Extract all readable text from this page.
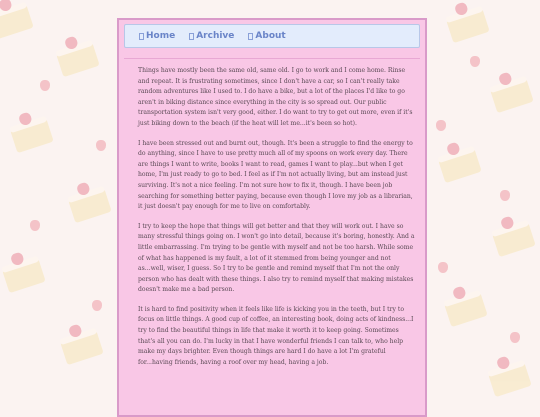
Home Archive About

Things have mostly been the same old, same old. I go to work and I come home. Rinse and repeat. It is frustrating sometimes, since I don't have a car, so I can't really take random adventures like I used to. I do have a bike, but a lot of the places I'd like to go aren't in biking distance since everything in the city is so spread out. Our public transportation system isn't very good, either. I do want to try to get out more, even if it's just biking down to the beach (if the heat will let me...it's been so hot).

I have been stressed out and burnt out, though. It's been a struggle to find the energy to do anything, since I have to use pretty much all of my spoons on work every day. There are things I want to write, books I want to read, games I want to play...but when I get home, I'm just ready to go to bed. I feel as if I'm not actually living, but am instead just surviving. It's not a nice feeling. I'm not sure how to fix it, though. I have been job searching for something better paying, because even though I love my job as a librarian, it just doesn't pay enough for me to live on comfortably.

I try to keep the hope that things will get better and that they will work out. I have so many stressful things going on. I won't go into detail, because it's boring, honestly. And a little embarrassing. I'm trying to be gentle with myself and not be too harsh. While some of what has happened is my fault, a lot of it stemmed from being younger and not as...well, wiser, I guess. So I try to be gentle and remind myself that I'm not the only person who has dealt with these things. I also try to remind myself that making mistakes doesn't make me a bad person.

It is hard to find positivity when it feels like life is kicking you in the teeth, but I try to focus on little things. A good cup of coffee, an interesting book, doing acts of kindness...I try to find the beautiful things in life that make it worth it to keep going. Sometimes that's all you can do. I'm lucky in that I have wonderful friends I can talk to, who help make my days brighter. Even though things are hard I do have a lot I'm grateful for...having friends, having a roof over my head, having a job.
